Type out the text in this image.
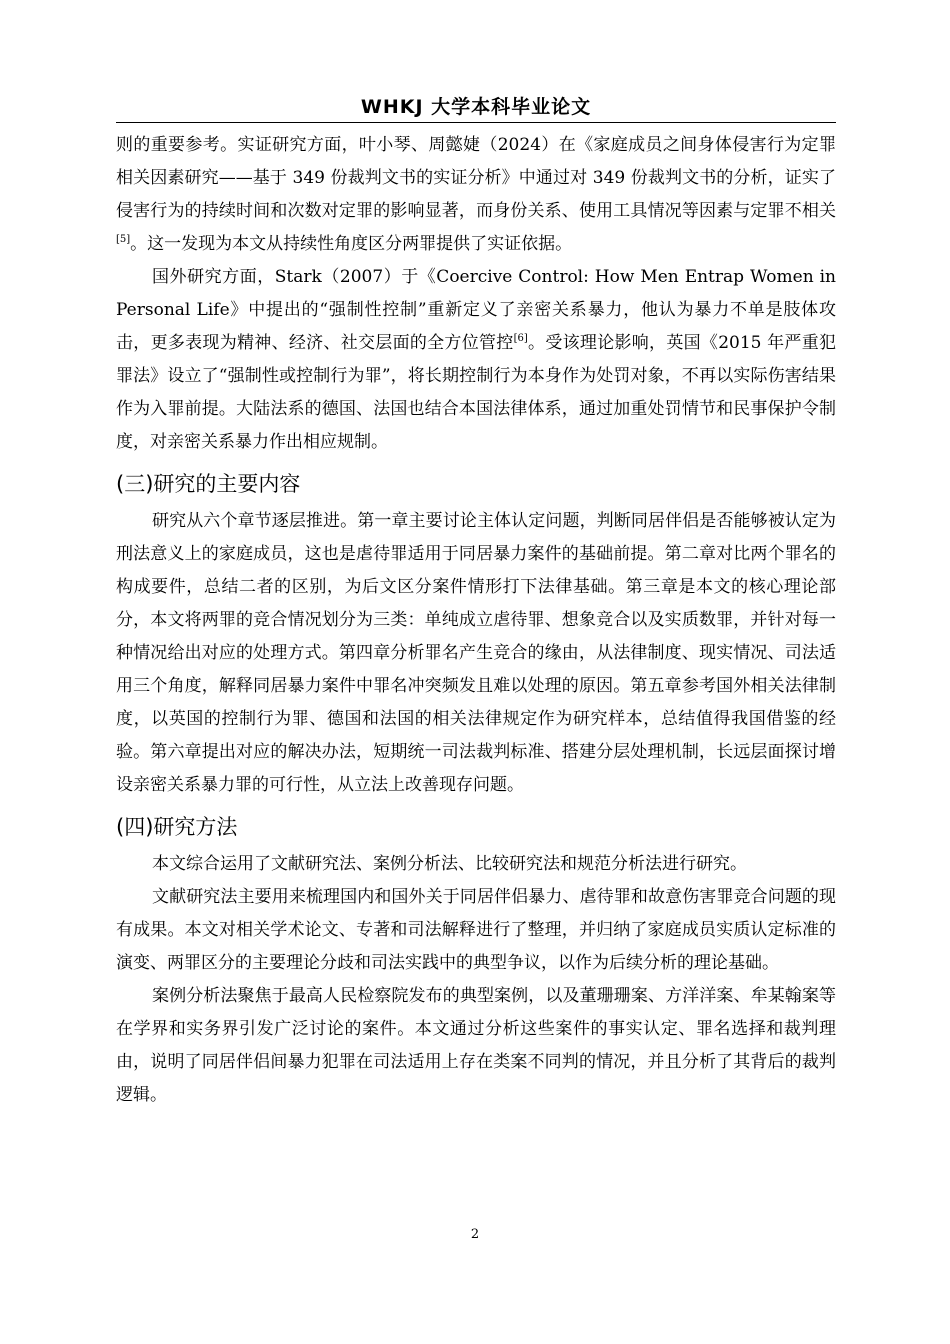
WHKJ 大学本科毕业论文

则的重要参考。实证研究方面，叶小琴、周懿婕（2024）在《家庭成员之间身体侵害行为定罪相关因素研究——基于 349 份裁判文书的实证分析》中通过对 349 份裁判文书的分析，证实了侵害行为的持续时间和次数对定罪的影响显著，而身份关系、使用工具情况等因素与定罪不相关[5]。这一发现为本文从持续性角度区分两罪提供了实证依据。

国外研究方面，Stark（2007）于《Coercive Control: How Men Entrap Women in Personal Life》中提出的“强制性控制”重新定义了亲密关系暴力，他认为暴力不单是肢体攻击，更多表现为精神、经济、社交层面的全方位管控[6]。受该理论影响，英国《2015 年严重犯罪法》设立了“强制性或控制行为罪”，将长期控制行为本身作为处罚对象，不再以实际伤害结果作为入罪前提。大陆法系的德国、法国也结合本国法律体系，通过加重处罚情节和民事保护令制度，对亲密关系暴力作出相应规制。

(三)研究的主要内容

研究从六个章节逐层推进。第一章主要讨论主体认定问题，判断同居伴侣是否能够被认定为刑法意义上的家庭成员，这也是虐待罪适用于同居暴力案件的基础前提。第二章对比两个罪名的构成要件，总结二者的区别，为后文区分案件情形打下法律基础。第三章是本文的核心理论部分，本文将两罪的竞合情况划分为三类：单纯成立虐待罪、想象竞合以及实质数罪，并针对每一种情况给出对应的处理方式。第四章分析罪名产生竞合的缘由，从法律制度、现实情况、司法适用三个角度，解释同居暴力案件中罪名冲突频发且难以处理的原因。第五章参考国外相关法律制度，以英国的控制行为罪、德国和法国的相关法律规定作为研究样本，总结值得我国借鉴的经验。第六章提出对应的解决办法，短期统一司法裁判标准、搭建分层处理机制，长远层面探讨增设亲密关系暴力罪的可行性，从立法上改善现存问题。

(四)研究方法

本文综合运用了文献研究法、案例分析法、比较研究法和规范分析法进行研究。

文献研究法主要用来梳理国内和国外关于同居伴侣暴力、虐待罪和故意伤害罪竞合问题的现有成果。本文对相关学术论文、专著和司法解释进行了整理，并归纳了家庭成员实质认定标准的演变、两罪区分的主要理论分歧和司法实践中的典型争议，以作为后续分析的理论基础。

案例分析法聚焦于最高人民检察院发布的典型案例，以及董珊珊案、方洋洋案、牟某翰案等在学界和实务界引发广泛讨论的案件。本文通过分析这些案件的事实认定、罪名选择和裁判理由，说明了同居伴侣间暴力犯罪在司法适用上存在类案不同判的情况，并且分析了其背后的裁判逻辑。

2
